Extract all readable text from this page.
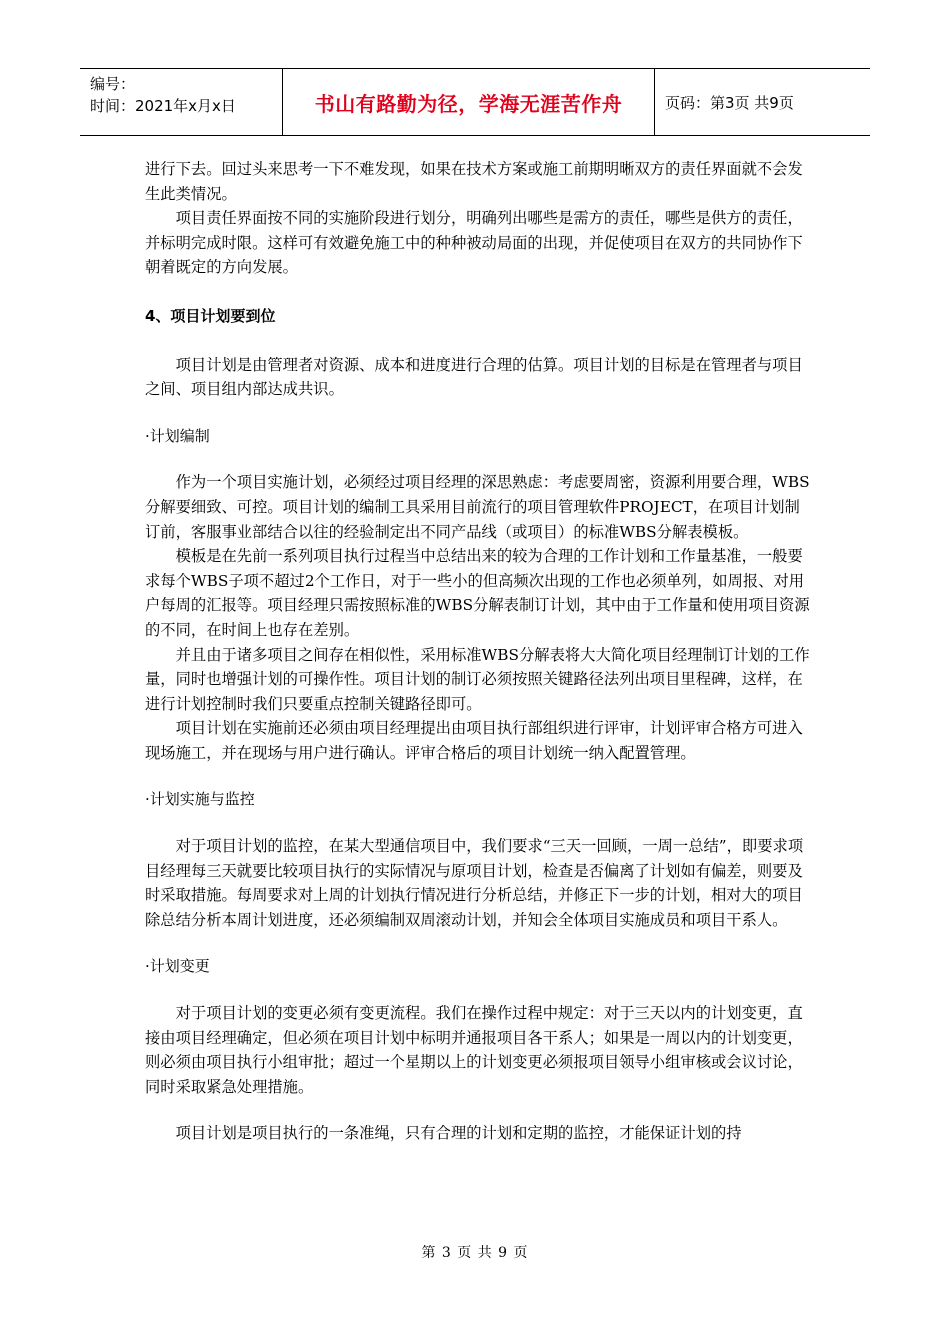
编号：
时间：2021年x月x日	书山有路勤为径，学海无涯苦作舟	页码：第3页 共9页

进行下去。回过头来思考一下不难发现，如果在技术方案或施工前期明晰双方的责任界面就不会发生此类情况。

项目责任界面按不同的实施阶段进行划分，明确列出哪些是需方的责任，哪些是供方的责任，并标明完成时限。这样可有效避免施工中的种种被动局面的出现，并促使项目在双方的共同协作下朝着既定的方向发展。

4、项目计划要到位

项目计划是由管理者对资源、成本和进度进行合理的估算。项目计划的目标是在管理者与项目之间、项目组内部达成共识。

·计划编制

作为一个项目实施计划，必须经过项目经理的深思熟虑：考虑要周密，资源利用要合理，WBS分解要细致、可控。项目计划的编制工具采用目前流行的项目管理软件PROJECT，在项目计划制订前，客服事业部结合以往的经验制定出不同产品线（或项目）的标准WBS分解表模板。

模板是在先前一系列项目执行过程当中总结出来的较为合理的工作计划和工作量基准，一般要求每个WBS子项不超过2个工作日，对于一些小的但高频次出现的工作也必须单列，如周报、对用户每周的汇报等。项目经理只需按照标准的WBS分解表制订计划，其中由于工作量和使用项目资源的不同，在时间上也存在差别。

并且由于诸多项目之间存在相似性，采用标准WBS分解表将大大简化项目经理制订计划的工作量，同时也增强计划的可操作性。项目计划的制订必须按照关键路径法列出项目里程碑，这样，在进行计划控制时我们只要重点控制关键路径即可。

项目计划在实施前还必须由项目经理提出由项目执行部组织进行评审，计划评审合格方可进入现场施工，并在现场与用户进行确认。评审合格后的项目计划统一纳入配置管理。

·计划实施与监控

对于项目计划的监控，在某大型通信项目中，我们要求“三天一回顾，一周一总结”，即要求项目经理每三天就要比较项目执行的实际情况与原项目计划，检查是否偏离了计划如有偏差，则要及时采取措施。每周要求对上周的计划执行情况进行分析总结，并修正下一步的计划，相对大的项目除总结分析本周计划进度，还必须编制双周滚动计划，并知会全体项目实施成员和项目干系人。

·计划变更

对于项目计划的变更必须有变更流程。我们在操作过程中规定：对于三天以内的计划变更，直接由项目经理确定，但必须在项目计划中标明并通报项目各干系人；如果是一周以内的计划变更，则必须由项目执行小组审批；超过一个星期以上的计划变更必须报项目领导小组审核或会议讨论，同时采取紧急处理措施。

项目计划是项目执行的一条准绳，只有合理的计划和定期的监控，才能保证计划的持

第 3 页 共 9 页
